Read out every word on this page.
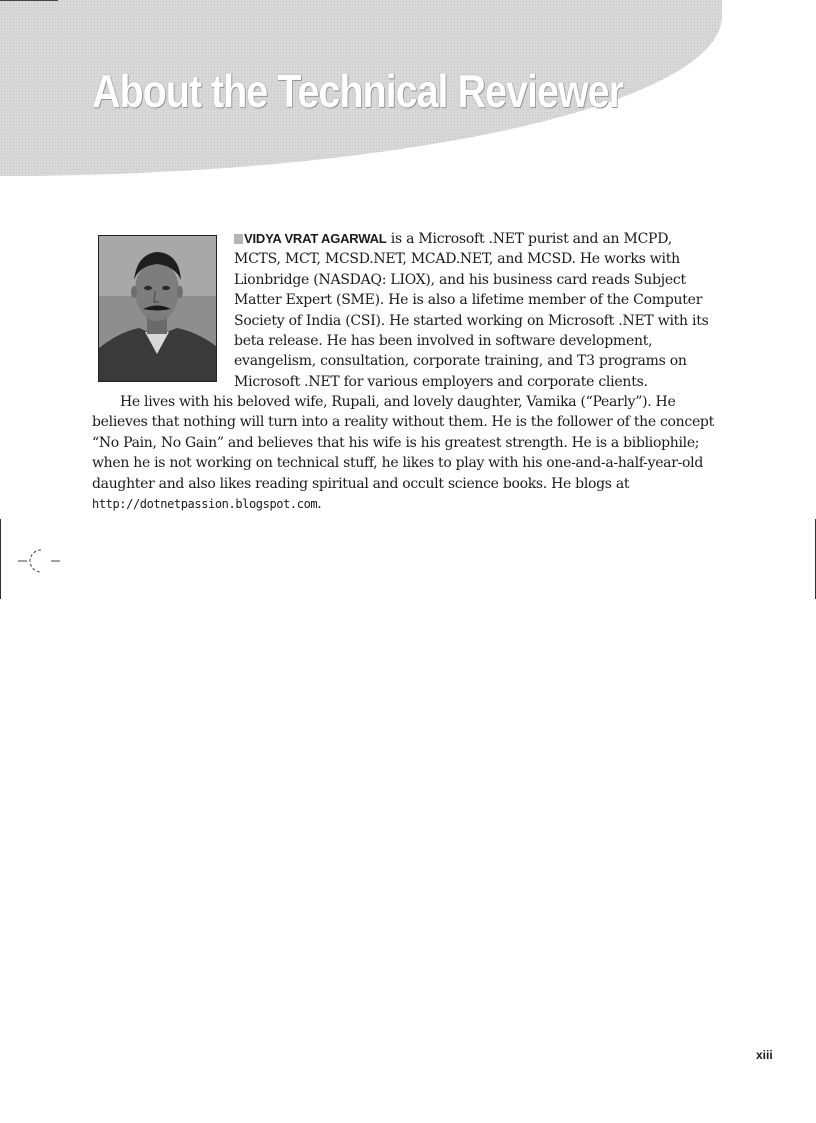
About the Technical Reviewer

VIDYA VRAT AGARWAL is a Microsoft .NET purist and an MCPD, MCTS, MCT, MCSD.NET, MCAD.NET, and MCSD. He works with Lionbridge (NASDAQ: LIOX), and his business card reads Subject Matter Expert (SME). He is also a lifetime member of the Computer Society of India (CSI). He started working on Microsoft .NET with its beta release. He has been involved in software development, evangelism, consultation, corporate training, and T3 programs on Microsoft .NET for various employers and corporate clients.

He lives with his beloved wife, Rupali, and lovely daughter, Vamika (“Pearly”). He believes that nothing will turn into a reality without them. He is the follower of the concept “No Pain, No Gain” and believes that his wife is his greatest strength. He is a bibliophile; when he is not working on technical stuff, he likes to play with his one-and-a-half-year-old daughter and also likes reading spiritual and occult science books. He blogs at http://dotnetpassion.blogspot.com.

xiii
